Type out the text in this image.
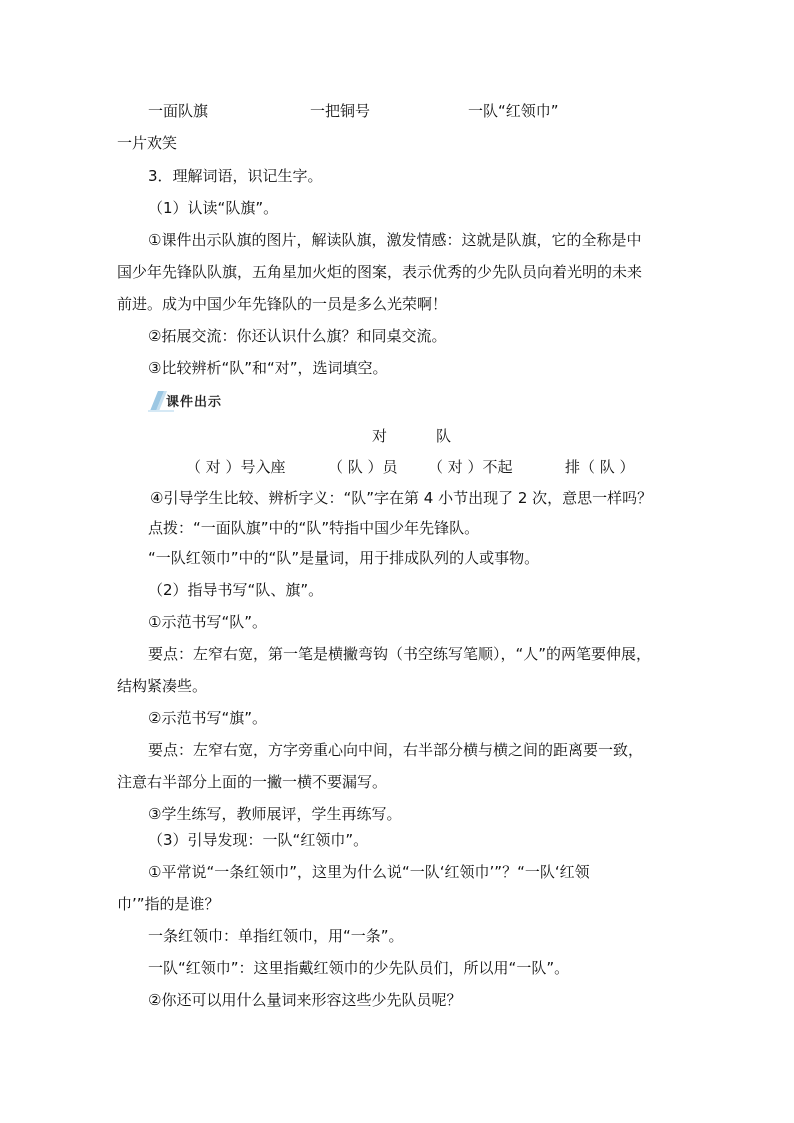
一面队旗	一把铜号	一队“红领巾”
一片欢笑
3．理解词语，识记生字。
（1）认读“队旗”。
①课件出示队旗的图片，解读队旗，激发情感：这就是队旗，它的全称是中
国少年先锋队队旗，五角星加火炬的图案，表示优秀的少先队员向着光明的未来
前进。成为中国少年先锋队的一员是多么光荣啊！
②拓展交流：你还认识什么旗？和同桌交流。
③比较辨析“队”和“对”，选词填空。
课件出示
对	队
（ 对 ）号入座	（ 队 ）员 （ 对 ）不起	排（ 队 ）
④引导学生比较、辨析字义：“队”字在第 4 小节出现了 2 次，意思一样吗？
点拨：“一面队旗”中的“队”特指中国少年先锋队。
“一队红领巾”中的“队”是量词，用于排成队列的人或事物。
（2）指导书写“队、旗”。
①示范书写“队”。
要点：左窄右宽，第一笔是横撇弯钩（书空练写笔顺），“人”的两笔要伸展，
结构紧凑些。
②示范书写“旗”。
要点：左窄右宽，方字旁重心向中间，右半部分横与横之间的距离要一致，
注意右半部分上面的一撇一横不要漏写。
③学生练写，教师展评，学生再练写。
（3）引导发现：一队“红领巾”。
①平常说“一条红领巾”，这里为什么说“一队‘红领巾’”？“一队‘红领
巾’”指的是谁？
一条红领巾：单指红领巾，用“一条”。
一队“红领巾”：这里指戴红领巾的少先队员们，所以用“一队”。
②你还可以用什么量词来形容这些少先队员呢？
